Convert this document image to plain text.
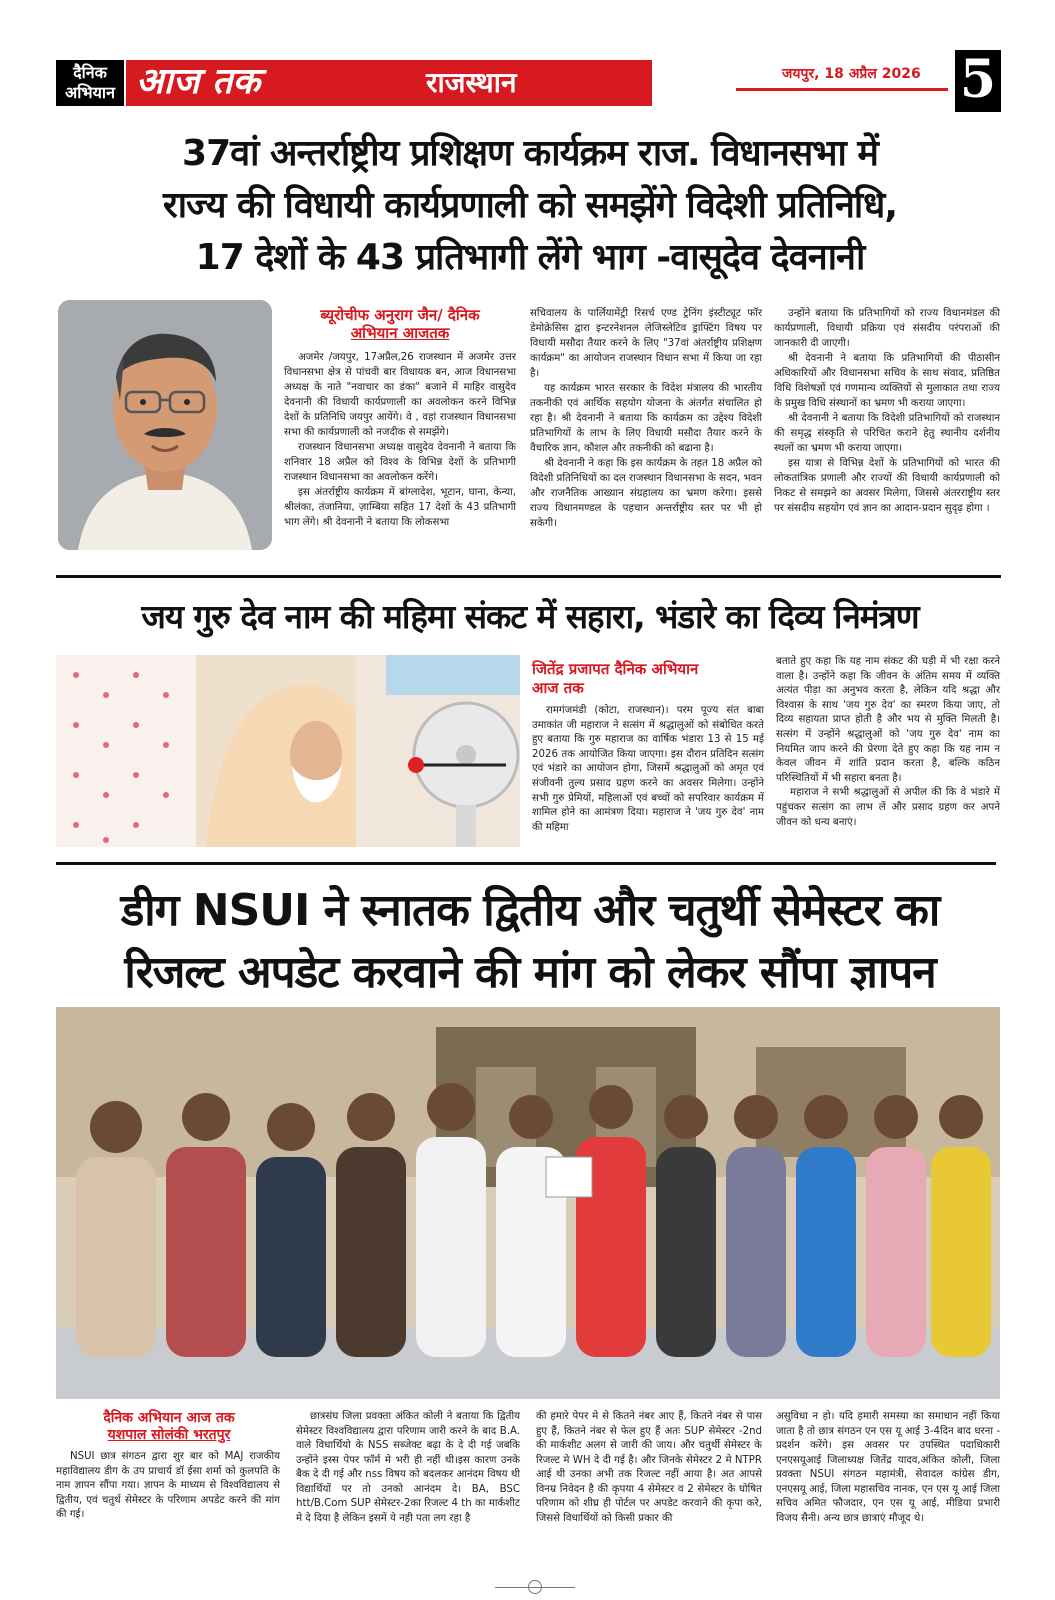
दैनिक
अभियान आज तक	राजस्थान	जयपुर, 18 अप्रैल 2026 5
37वां अन्तर्राष्ट्रीय प्रशिक्षण कार्यक्रम राज. विधानसभा में
राज्य की विधायी कार्यप्रणाली को समझेंगे विदेशी प्रतिनिधि,
17 देशों के 43 प्रतिभागी लेंगे भाग -वासूदेव देवनानी
ब्यूरोचीफ अनुराग जैन/ दैनिक
अभियान आजतक

अजमेर /जयपुर, 17अप्रैल,26 राजस्थान में अजमेर उत्तर विधानसभा क्षेत्र से पांचवी बार विधायक बन, आज विधानसभा अध्यक्ष के नाते "नवाचार का डंका" बजाने में माहिर वासुदेव देवनानी की विधायी कार्यप्रणाली का अवलोकन करने विभिन्न देशों के प्रतिनिधि जयपुर आयेंगे। वे , वहां राजस्थान विधानसभा सभा की कार्यप्रणाली को नजदीक से समझेंगे।

राजस्थान विधानसभा अध्यक्ष वासुदेव देवनानी ने बताया कि शनिवार 18 अप्रैल को विश्व के विभिन्न देशों के प्रतिभागी राजस्थान विधानसभा का अवलोकन करेंगे।

इस अंतर्राष्ट्रीय कार्यक्रम में बांग्लादेश, भूटान, घाना, केन्या, श्रीलंका, तंजानिया, ज़ाम्बिया सहित 17 देशों के 43 प्रतिभागी भाग लेंगे। श्री देवनानी ने बताया कि लोकसभा

सचिवालय के पार्लियामेंट्री रिसर्च एण्ड ट्रेनिंग इंस्टीट्यूट फॉर डेमोक्रेसिस द्वारा इन्टरनेशनल लेजिस्लेटिव ड्राफ्टिंग विषय पर विधायी मसौदा तैयार करने के लिए "37वां अंतर्राष्ट्रीय प्रशिक्षण कार्यक्रम" का आयोजन राजस्थान विधान सभा में किया जा रहा है।

यह कार्यक्रम भारत सरकार के विदेश मंत्रालय की भारतीय तकनीकी एवं आर्थिक सहयोग योजना के अंतर्गत संचालित हो रहा है। श्री देवनानी ने बताया कि कार्यक्रम का उद्देश्य विदेशी प्रतिभागियों के लाभ के लिए विधायी मसौदा तैयार करने के वैचारिक ज्ञान, कौशल और तकनीकी को बढाना है।

श्री देवनानी ने कहा कि इस कार्यक्रम के तहत 18 अप्रैल को विदेशी प्रतिनिधियों का दल राजस्थान विधानसभा के सदन, भवन और राजनैतिक आख्यान संग्रहालय का भ्रमण करेगा। इससे राज्य विधानमण्डल के पहचान अन्तर्राष्ट्रीय स्तर पर भी हो सकेगी।

उन्होंने बताया कि प्रतिभागियों को राज्य विधानमंडल की कार्यप्रणाली, विधायी प्रक्रिया एवं संसदीय परंपराओं की जानकारी दी जाएगी।

श्री देवनानी ने बताया कि प्रतिभागियों की पीठासीन अधिकारियों और विधानसभा सचिव के साथ संवाद, प्रतिष्ठित विधि विशेषज्ञों एवं गणमान्य व्यक्तियों से मुलाकात तथा राज्य के प्रमुख विधि संस्थानों का भ्रमण भी कराया जाएगा।

श्री देवनानी ने बताया कि विदेशी प्रतिभागियों को राजस्थान की समृद्ध संस्कृति से परिचित कराने हेतु स्थानीय दर्शनीय स्थलों का भ्रमण भी कराया जाएगा।

इस यात्रा से विभिन्न देशों के प्रतिभागियों को भारत की लोकतांत्रिक प्रणाली और राज्यों की विधायी कार्यप्रणाली को निकट से समझने का अवसर मिलेगा, जिससे अंतरराष्ट्रीय स्तर पर संसदीय सहयोग एवं ज्ञान का आदान-प्रदान सुदृढ़ होगा ।

जय गुरु देव नाम की महिमा संकट में सहारा, भंडारे का दिव्य निमंत्रण
जितेंद्र प्रजापत दैनिक अभियान
आज तक

रामगंजमंडी (कोटा, राजस्थान)। परम पूज्य संत बाबा उमाकांत जी महाराज ने सत्संग में श्रद्धालुओं को संबोधित करते हुए बताया कि गुरु महाराज का वार्षिक भंडारा 13 से 15 मई 2026 तक आयोजित किया जाएगा। इस दौरान प्रतिदिन सत्संग एवं भंडारे का आयोजन होगा, जिसमें श्रद्धालुओं को अमृत एवं संजीवनी तुल्य प्रसाद ग्रहण करने का अवसर मिलेगा। उन्होंने सभी गुरु प्रेमियों, महिलाओं एवं बच्चों को सपरिवार कार्यक्रम में शामिल होने का आमंत्रण दिया। महाराज ने 'जय गुरु देव' नाम की महिमा

बताते हुए कहा कि यह नाम संकट की घड़ी में भी रक्षा करने वाला है। उन्होंने कहा कि जीवन के अंतिम समय में व्यक्ति अत्यंत पीड़ा का अनुभव करता है, लेकिन यदि श्रद्धा और विश्वास के साथ 'जय गुरु देव' का स्मरण किया जाए, तो दिव्य सहायता प्राप्त होती है और भय से मुक्ति मिलती है। सत्संग में उन्होंने श्रद्धालुओं को 'जय गुरु देव' नाम का नियमित जाप करने की प्रेरणा देते हुए कहा कि यह नाम न केवल जीवन में शांति प्रदान करता है, बल्कि कठिन परिस्थितियों में भी सहारा बनता है।

महाराज ने सभी श्रद्धालुओं से अपील की कि वे भंडारे में पहुंचकर सत्संग का लाभ लें और प्रसाद ग्रहण कर अपने जीवन को धन्य बनाएं।

डीग NSUI ने स्नातक द्वितीय और चतुर्थी सेमेस्टर का
रिजल्ट अपडेट करवाने की मांग को लेकर सौंपा ज्ञापन
दैनिक अभियान आज तक
यशपाल सोलंकी भरतपुर

NSUI छात्र संगठन द्वारा शुर बार को MAJ राजकीय महाविद्यालय डीग के उप प्राचार्य डॉ ईसा शर्मा को कुलपति के नाम ज्ञापन सौंपा गया। ज्ञापन के माध्यम से विश्वविद्यालय से द्वितीय, एवं चतुर्थ सेमेस्टर के परिणाम अपडेट करने की मांग की गई।

छात्रसंघ जिला प्रवक्ता अंकित कोली ने बताया कि द्वितीय सेमेस्टर विश्वविद्यालय द्वारा परिणाम जारी करने के बाद B.A. वाले विधार्थियो के NSS सब्जेक्ट बढ़ा के दे दी गई जबकि उन्होंने इस्स पेपर फॉर्म मे भरी ही नहीं थी।इस कारण उनके बैक दे दी गई और nss विषय को बदलकर आनंदम विषय थी विद्यार्थियों पर तो उनको आनंदम दे। BA, BSC htt/B.Com SUP सेमेस्टर-2का रिजल्ट 4 th का मार्कशीट मे दे दिया है लेकिन इसमें ये नही पता लग रहा है

की हमारे पेपर मे से कितने नंबर आए हैं, कितने नंबर से पास हुए हैं, कितने नंबर से फेल हुए हैं अतः SUP सेमेस्टर -2nd की मार्कशीट अलग से जारी की जाय। और चतुर्थी सेमेस्टर के रिजल्ट मे WH दे दी गई है। और जिनके सेमेस्टर 2 मे NTPR आई थी उनका अभी तक रिजल्ट नहीं आया है। अत आपसे विनम्र निवेदन है की कृपया 4 सेमेस्टर व 2 सेमेस्टर के घोषित परिणाम को शीघ्र ही पोर्टल पर अपडेट करवाने की कृपा करे, जिससे विधार्थियों को किसी प्रकार की

असुविधा न हो। यदि हमारी समस्या का समाधान नहीं किया जाता है तो छात्र संगठन एन एस यू आई 3-4दिन बाद धरना - प्रदर्शन करेंगे। इस अवसर पर उपस्थित पदाधिकारी एनएसयूआई जिलाध्यक्ष जितेंद्र यादव,अंकित कोली, जिला प्रवक्ता NSUI संगठन महामंत्री, सेवादल कांग्रेस डीग, एनएसयू आई, जिला महासचिव नानक, एन एस यू आई जिला सचिव अमित फौजदार, एन एस यू आई, मीडिया प्रभारी विजय सैनी। अन्य छात्र छात्राएं मौजूद थे।
